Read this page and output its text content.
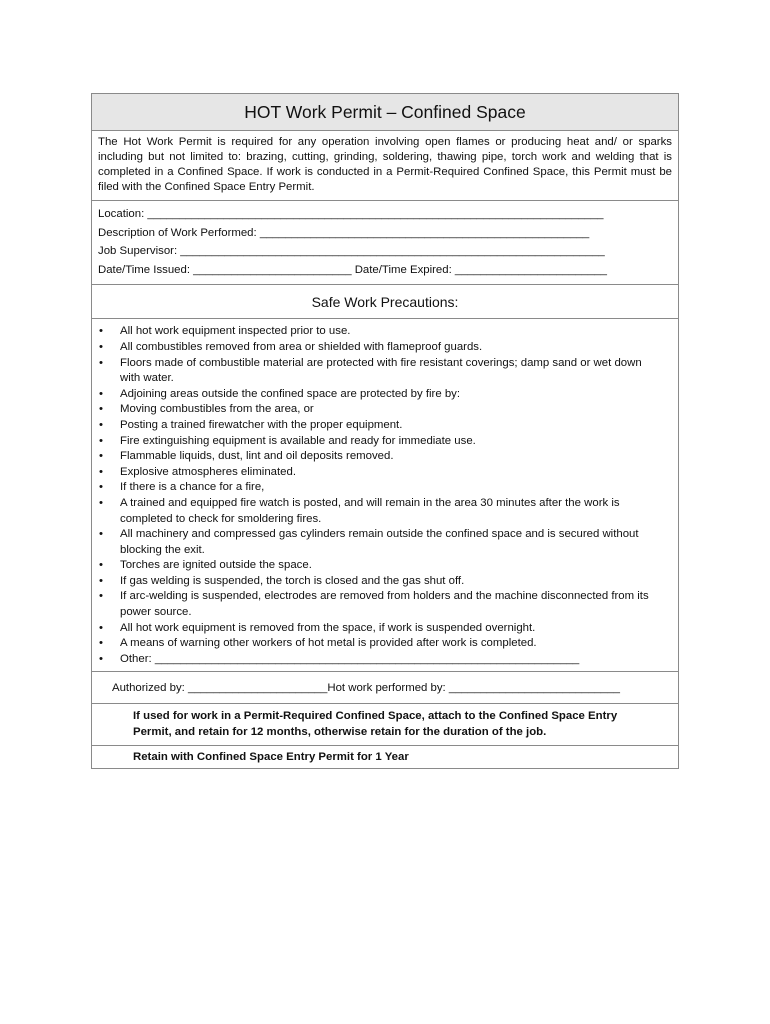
HOT Work Permit – Confined Space
The Hot Work Permit is required for any operation involving open flames or producing heat and/ or sparks including but not limited to: brazing, cutting, grinding, soldering, thawing pipe, torch work and welding that is completed in a Confined Space. If work is conducted in a Permit-Required Confined Space, this Permit must be filed with the Confined Space Entry Permit.
Location: ________________________________________________________________________
Description of Work Performed: ____________________________________________________
Job Supervisor: ___________________________________________________________________
Date/Time Issued: _________________________ Date/Time Expired: ________________________
Safe Work Precautions:
• All hot work equipment inspected prior to use.
• All combustibles removed from area or shielded with flameproof guards.
• Floors made of combustible material are protected with fire resistant coverings; damp sand or wet down with water.
• Adjoining areas outside the confined space are protected by fire by:
• Moving combustibles from the area, or
• Posting a trained firewatcher with the proper equipment.
• Fire extinguishing equipment is available and ready for immediate use.
• Flammable liquids, dust, lint and oil deposits removed.
• Explosive atmospheres eliminated.
• If there is a chance for a fire,
• A trained and equipped fire watch is posted, and will remain in the area 30 minutes after the work is completed to check for smoldering fires.
• All machinery and compressed gas cylinders remain outside the confined space and is secured without blocking the exit.
• Torches are ignited outside the space.
• If gas welding is suspended, the torch is closed and the gas shut off.
• If arc-welding is suspended, electrodes are removed from holders and the machine disconnected from its power source.
• All hot work equipment is removed from the space, if work is suspended overnight.
• A means of warning other workers of hot metal is provided after work is completed.
• Other: ___________________________________________________________________
Authorized by: ______________________Hot work performed by: ___________________________
If used for work in a Permit-Required Confined Space, attach to the Confined Space Entry Permit, and retain for 12 months, otherwise retain for the duration of the job.
Retain with Confined Space Entry Permit for 1 Year
